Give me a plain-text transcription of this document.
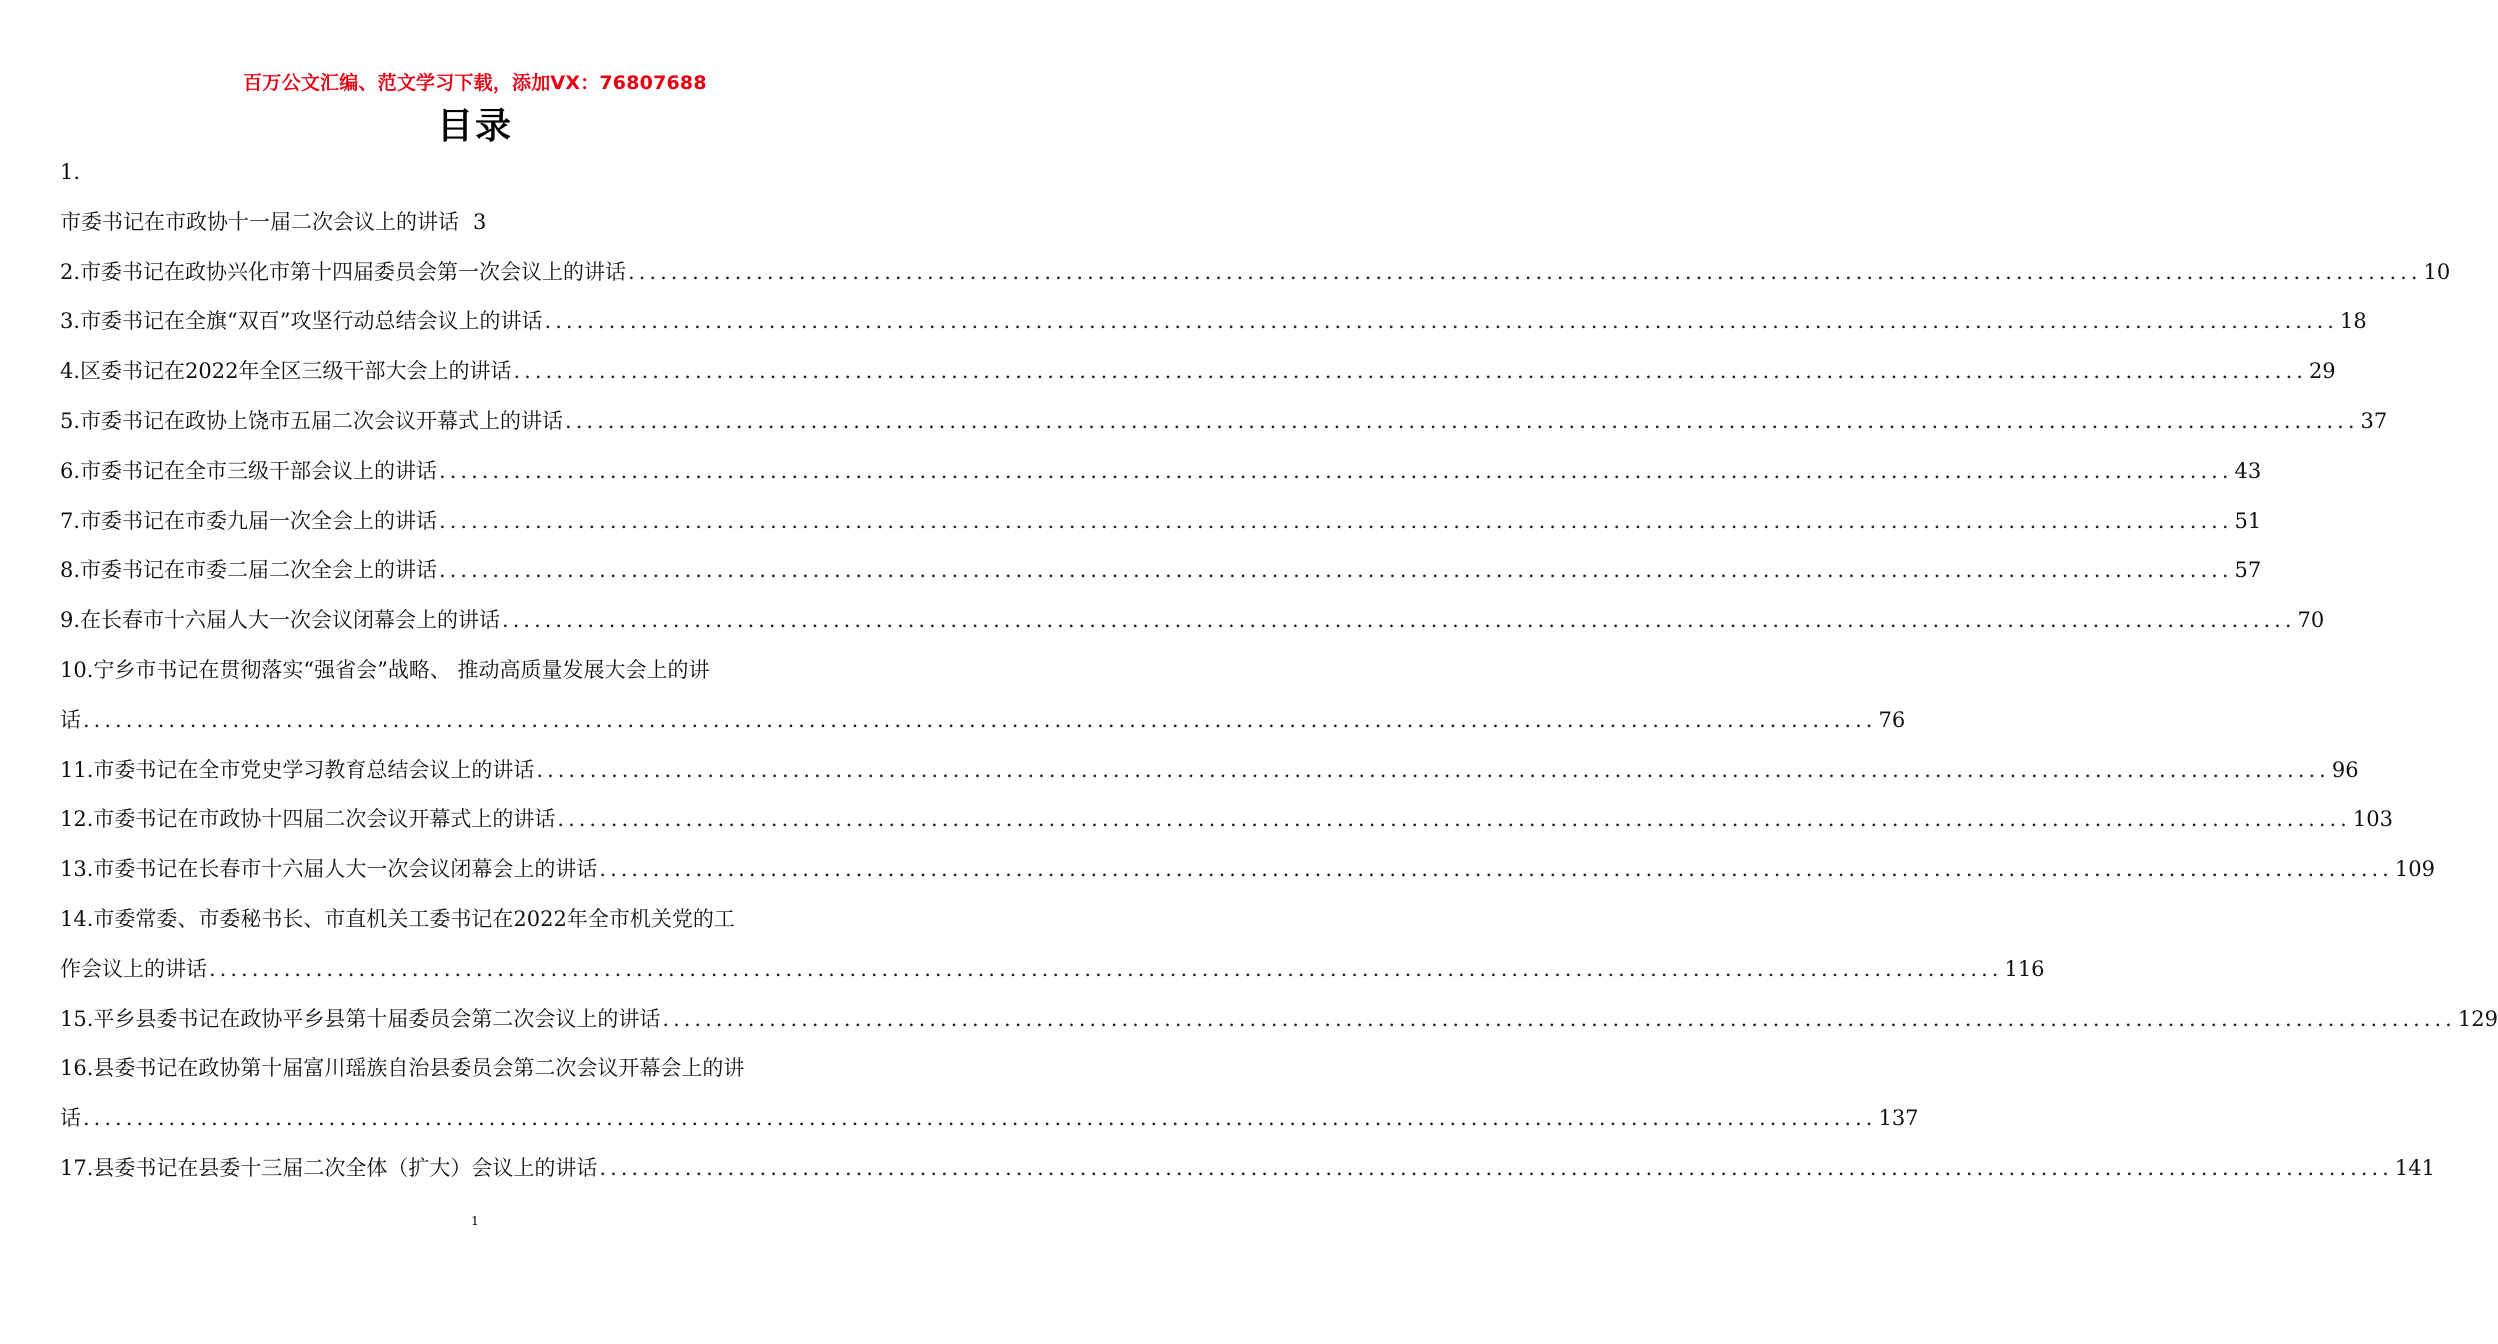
百万公文汇编、范文学习下载，添加VX：76807688
目录
1.
市委书记在市政协十一届二次会议上的讲话 3
2.市委书记在政协兴化市第十四届委员会第一次会议上的讲话 .....	10
3.市委书记在全旗“双百”攻坚行动总结会议上的讲话 .....	18
4.区委书记在2022年全区三级干部大会上的讲话 .....	29
5.市委书记在政协上饶市五届二次会议开幕式上的讲话 .....	37
6.市委书记在全市三级干部会议上的讲话 .....	43
7.市委书记在市委九届一次全会上的讲话 .....	51
8.市委书记在市委二届二次全会上的讲话 .....	57
9.在长春市十六届人大一次会议闭幕会上的讲话 .....	70
10.宁乡市书记在贯彻落实“强省会”战略、 推动高质量发展大会上的讲
话 .....	76
11.市委书记在全市党史学习教育总结会议上的讲话 .....	96
12.市委书记在市政协十四届二次会议开幕式上的讲话 .....	103
13.市委书记在长春市十六届人大一次会议闭幕会上的讲话 .....	109
14.市委常委、市委秘书长、市直机关工委书记在2022年全市机关党的工
作会议上的讲话 .....	116
15.平乡县委书记在政协平乡县第十届委员会第二次会议上的讲话 .....	129
16.县委书记在政协第十届富川瑶族自治县委员会第二次会议开幕会上的讲
话 .....	137
17.县委书记在县委十三届二次全体（扩大）会议上的讲话 .....	141
1
